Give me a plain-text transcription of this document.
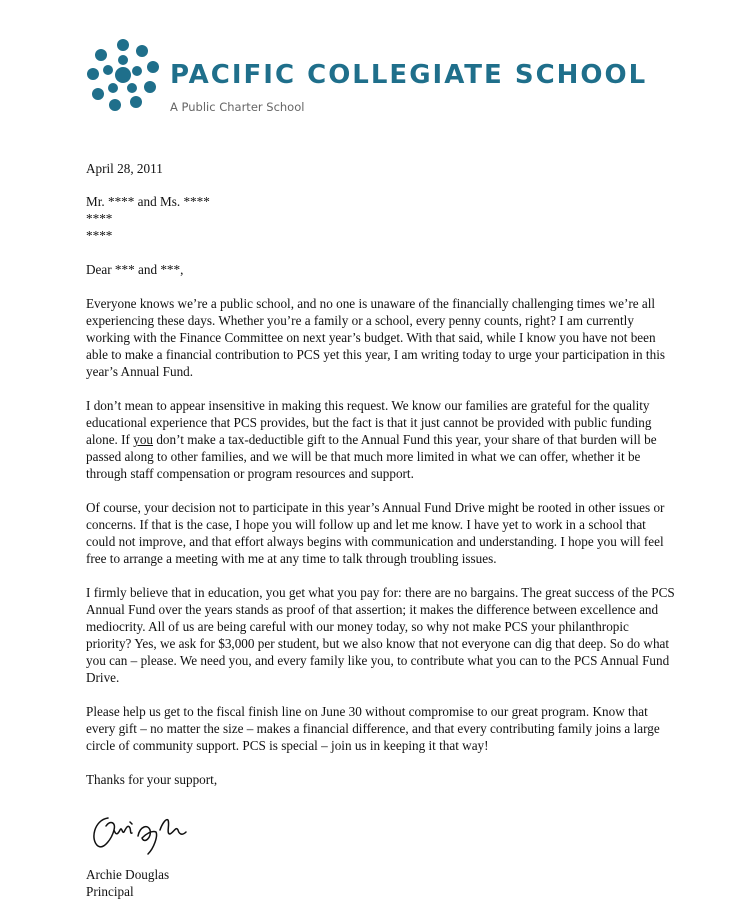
PACIFIC COLLEGIATE SCHOOL

A Public Charter School

April 28, 2011

Mr. **** and Ms. ****

****

****

Dear *** and ***,

Everyone knows we’re a public school, and no one is unaware of the financially challenging times we’re all experiencing these days. Whether you’re a family or a school, every penny counts, right? I am currently working with the Finance Committee on next year’s budget. With that said, while I know you have not been able to make a financial contribution to PCS yet this year, I am writing today to urge your participation in this year’s Annual Fund.

I don’t mean to appear insensitive in making this request. We know our families are grateful for the quality educational experience that PCS provides, but the fact is that it just cannot be provided with public funding alone. If you don’t make a tax-deductible gift to the Annual Fund this year, your share of that burden will be passed along to other families, and we will be that much more limited in what we can offer, whether it be through staff compensation or program resources and support.

Of course, your decision not to participate in this year’s Annual Fund Drive might be rooted in other issues or concerns. If that is the case, I hope you will follow up and let me know. I have yet to work in a school that could not improve, and that effort always begins with communication and understanding. I hope you will feel free to arrange a meeting with me at any time to talk through troubling issues.

I firmly believe that in education, you get what you pay for: there are no bargains. The great success of the PCS Annual Fund over the years stands as proof of that assertion; it makes the difference between excellence and mediocrity. All of us are being careful with our money today, so why not make PCS your philanthropic priority? Yes, we ask for $3,000 per student, but we also know that not everyone can dig that deep. So do what you can – please. We need you, and every family like you, to contribute what you can to the PCS Annual Fund Drive.

Please help us get to the fiscal finish line on June 30 without compromise to our great program. Know that every gift – no matter the size – makes a financial difference, and that every contributing family joins a large circle of community support. PCS is special – join us in keeping it that way!

Thanks for your support,

Archie Douglas

Principal
